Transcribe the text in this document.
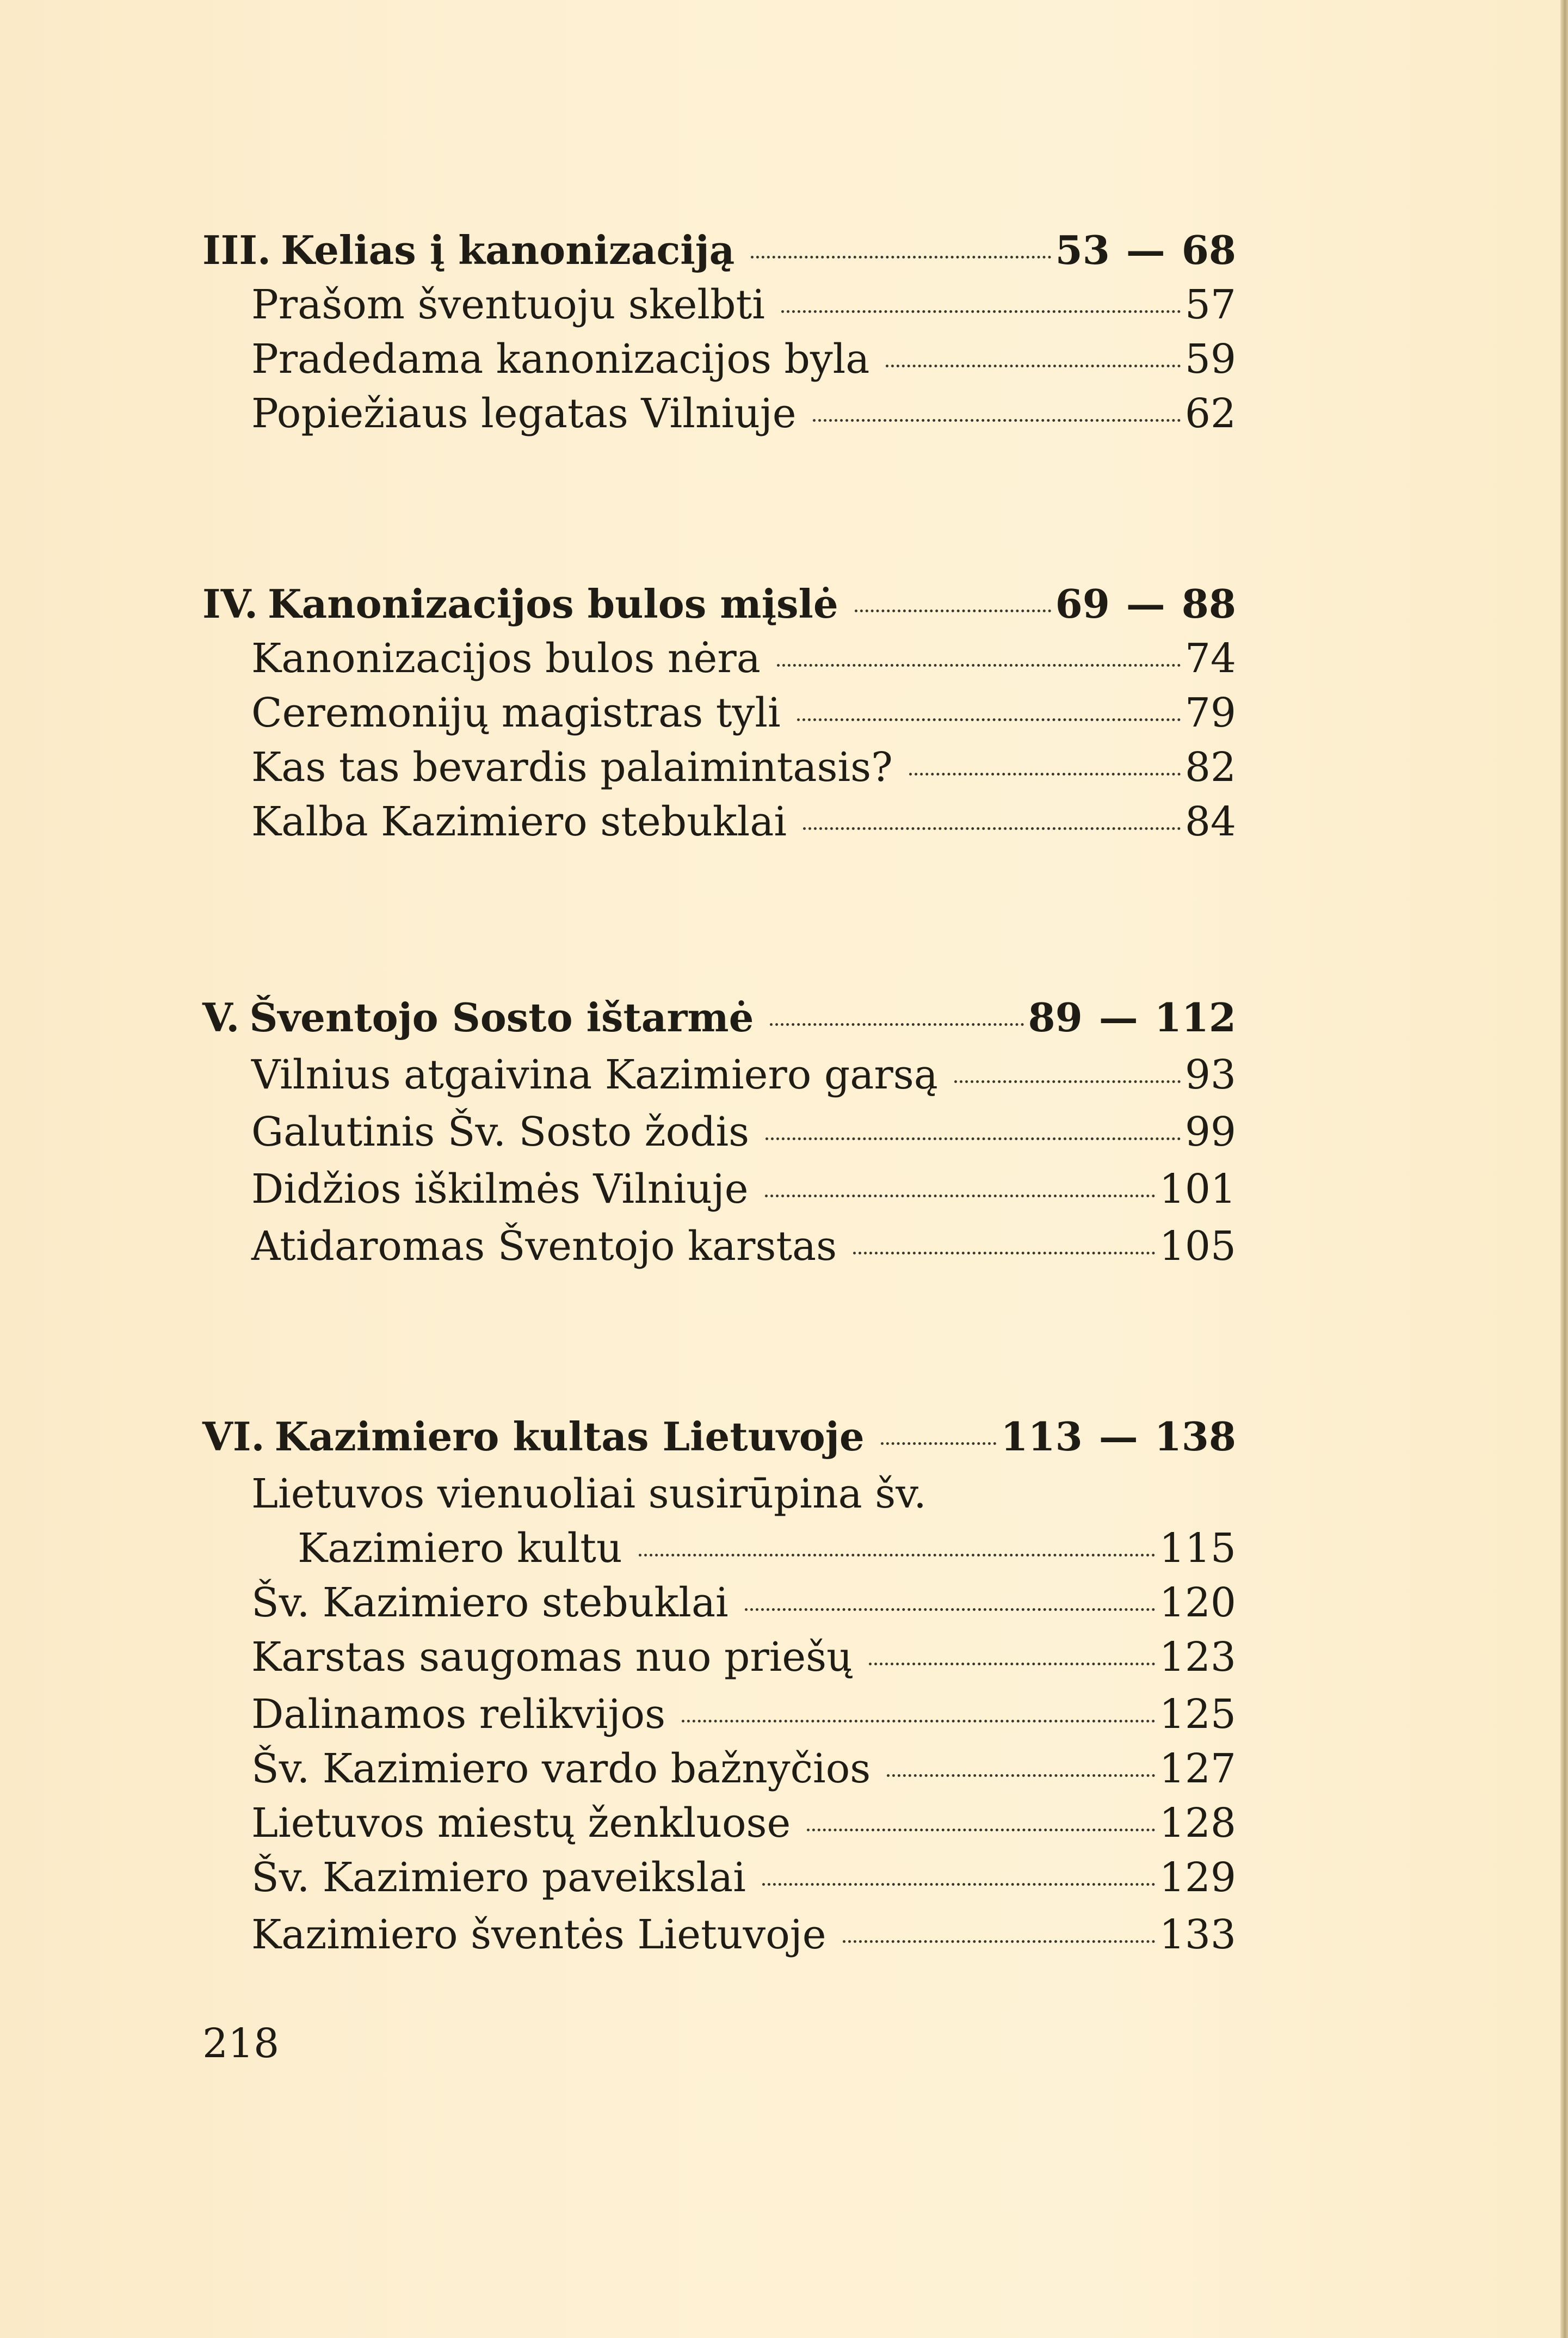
III. Kelias į kanonizaciją	53 — 68
Prašom šventuoju skelbti	57
Pradedama kanonizacijos byla	59
Popiežiaus legatas Vilniuje	62
IV. Kanonizacijos bulos mįslė	69 — 88
Kanonizacijos bulos nėra	74
Ceremonijų magistras tyli	79
Kas tas bevardis palaimintasis?	82
Kalba Kazimiero stebuklai	84
V. Šventojo Sosto ištarmė	89 — 112
Vilnius atgaivina Kazimiero garsą	93
Galutinis Šv. Sosto žodis	99
Didžios iškilmės Vilniuje	101
Atidaromas Šventojo karstas	105
VI. Kazimiero kultas Lietuvoje	113 — 138
Lietuvos vienuoliai susirūpina šv.
Kazimiero kultu	115
Šv. Kazimiero stebuklai	120
Karstas saugomas nuo priešų	123
Dalinamos relikvijos	125
Šv. Kazimiero vardo bažnyčios	127
Lietuvos miestų ženkluose	128
Šv. Kazimiero paveikslai	129
Kazimiero šventės Lietuvoje	133
218
